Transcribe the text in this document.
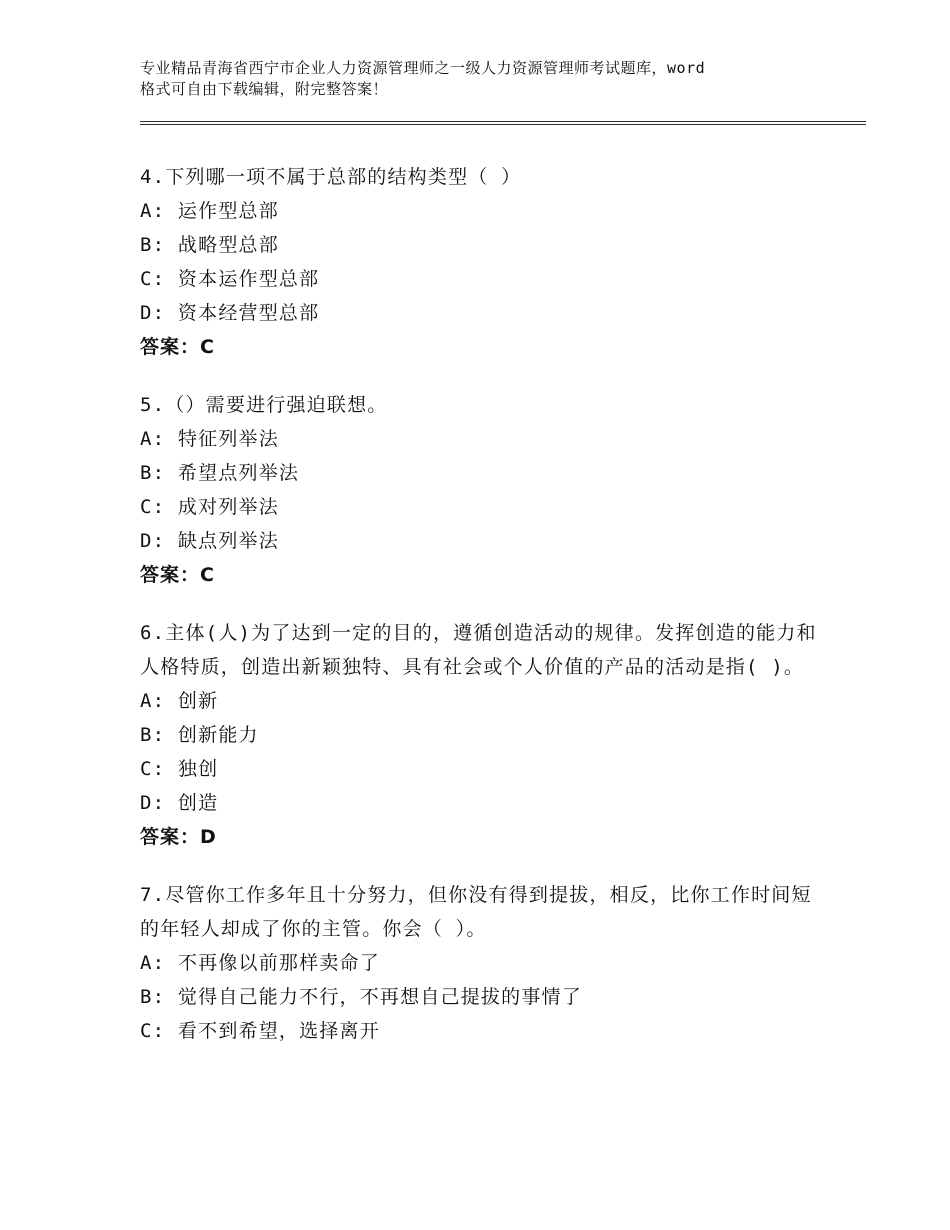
专业精品青海省西宁市企业人力资源管理师之一级人力资源管理师考试题库，word
格式可自由下载编辑，附完整答案！

4.下列哪一项不属于总部的结构类型（ ）

A: 运作型总部

B: 战略型总部

C: 资本运作型总部

D: 资本经营型总部

答案：C

5.（）需要进行强迫联想。

A: 特征列举法

B: 希望点列举法

C: 成对列举法

D: 缺点列举法

答案：C

6.主体(人)为了达到一定的目的，遵循创造活动的规律。发挥创造的能力和人格特质，创造出新颖独特、具有社会或个人价值的产品的活动是指( )。

A: 创新

B: 创新能力

C: 独创

D: 创造

答案：D

7.尽管你工作多年且十分努力，但你没有得到提拔，相反，比你工作时间短的年轻人却成了你的主管。你会（ ）。

A: 不再像以前那样卖命了

B: 觉得自己能力不行，不再想自己提拔的事情了

C: 看不到希望，选择离开
